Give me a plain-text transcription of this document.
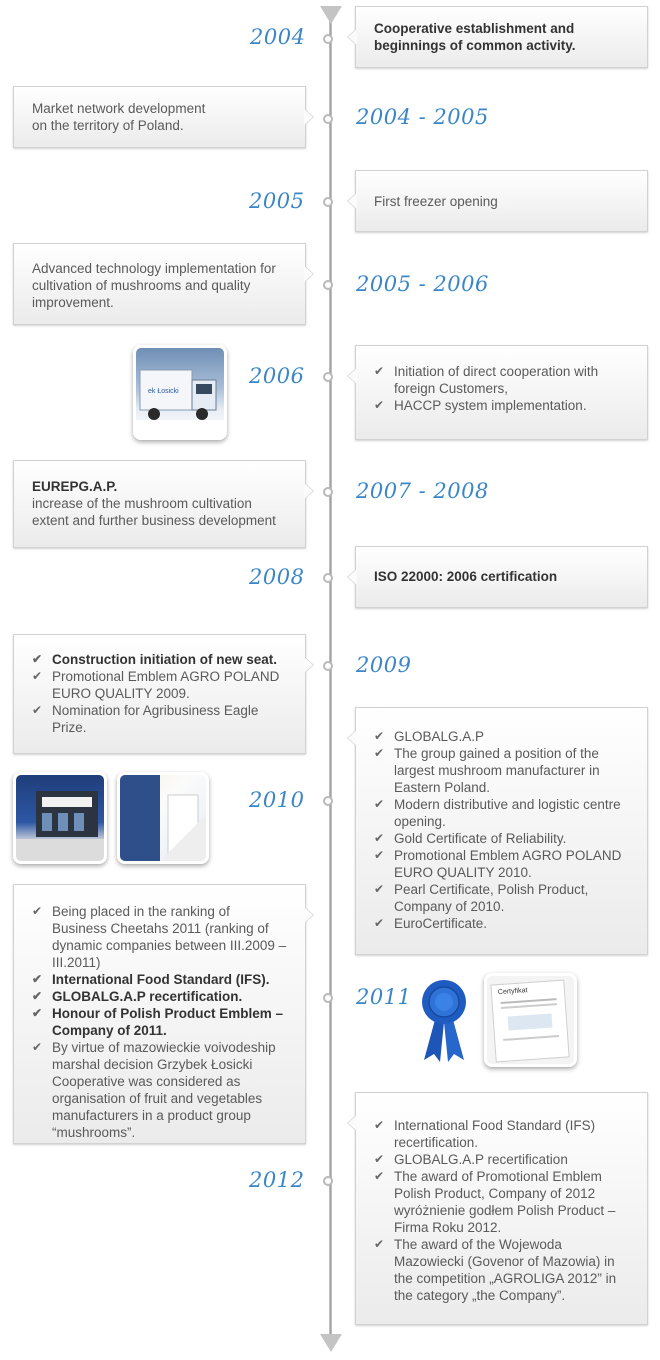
2004
2004 - 2005
2005
2005 - 2006
2006
2007 - 2008
2008
2009
2010
2011
2012

Cooperative establishment and beginnings of common activity.

Market network development on the territory of Poland.

First freezer opening

Advanced technology implementation for cultivation of mushrooms and quality improvement.

ek Łosicki
✔ Initiation of direct cooperation with foreign Customers,
✔ HACCP system implementation.

EUREPG.A.P.

increase of the mushroom cultivation extent and further business development

ISO 22000: 2006 certification

✔ Construction initiation of new seat.
✔ Promotional Emblem AGRO POLAND EURO QUALITY 2009.
✔ Nomination for Agribusiness Eagle Prize.
✔ GLOBALG.A.P
✔ The group gained a position of the largest mushroom manufacturer in Eastern Poland.
✔ Modern distributive and logistic centre opening.
✔ Gold Certificate of Reliability.
✔ Promotional Emblem AGRO POLAND EURO QUALITY 2010.
✔ Pearl Certificate, Polish Product, Company of 2010.
✔ EuroCertificate.
✔ Being placed in the ranking of Business Cheetahs 2011 (ranking of dynamic companies between III.2009 – III.2011)
✔ International Food Standard (IFS).
✔ GLOBALG.A.P recertification.
✔ Honour of Polish Product Emblem – Company of 2011.
✔ By virtue of mazowieckie voivodeship marshal decision Grzybek Łosicki Cooperative was considered as organisation of fruit and vegetables manufacturers in a product group “mushrooms”.
Certyfikat
✔ International Food Standard (IFS) recertification.
✔ GLOBALG.A.P recertification
✔ The award of Promotional Emblem Polish Product, Company of 2012 wyróżnienie godłem Polish Product – Firma Roku 2012.
✔ The award of the Wojewoda Mazowiecki (Govenor of Mazowia) in the competition „AGROLIGA 2012” in the category „the Company”.
